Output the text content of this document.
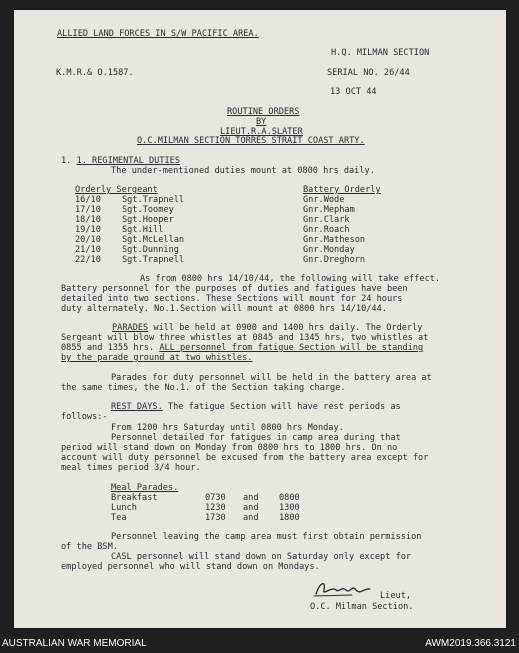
ALLIED LAND FORCES IN S/W PACIFIC AREA.
H.Q. MILMAN SECTION
K.M.R.& O.1587.	SERIAL NO. 26/44
13 OCT 44
ROUTINE ORDERS
BY
LIEUT.R.A.SLATER
O.C.MILMAN SECTION TORRES STRAIT COAST ARTY.
1. 1. REGIMENTAL DUTIES
The under-mentioned duties mount at 0800 hrs daily.
Orderly Sergeant	Battery Orderly
16/10 Sgt.Trapnell	Gnr.Wode
17/10 Sgt.Toomey	Gnr.Mepham
18/10 Sgt.Hooper	Gnr.Clark
19/10 Sgt.Hill	Gnr.Roach
20/10 Sgt.McLellan	Gnr.Matheson
21/10 Sgt.Dunning	Gnr.Monday
22/10 Sgt.Trapnell	Gnr.Dreghorn
As from 0800 hrs 14/10/44, the following will take effect.
Battery personnel for the purposes of duties and fatigues have been
detailed into two sections. These Sections will mount for 24 hours
duty alternately. No.1.Section will mount at 0800 hrs 14/10/44.
PARADES will be held at 0900 and 1400 hrs daily. The Orderly
Sergeant will blow three whistles at 0845 and 1345 hrs, two whistles at
0855 and 1355 hrs. ALL personnel from fatigue Section will be standing
by the parade ground at two whistles.
Parades for duty personnel will be held in the battery area at
the same times, the No.1. of the Section taking charge.
REST DAYS. The fatigue Section will have rest periods as
follows:-
From 1200 hrs Saturday until 0800 hrs Monday.
Personnel detailed for fatigues in camp area during that
period will stand down on Monday from 0800 hrs to 1800 hrs. On no
account will duty personnel be excused from the battery area except for
meal times period 3/4 hour.
Meal Parades.
Breakfast	0730 and 0800
Lunch	1230 and 1300
Tea	1730 and 1800
Personnel leaving the camp area must first obtain permission
of the BSM.
CASL personnel will stand down on Saturday only except for
employed personnel who will stand down on Mondays.
Lieut,
O.C. Milman Section.
AUSTRALIAN WAR MEMORIAL	AWM2019.366.3121
